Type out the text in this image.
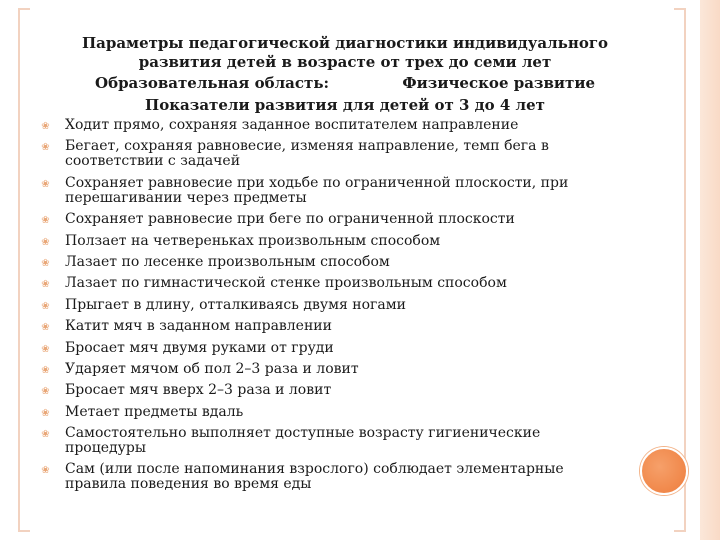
Параметры педагогической диагностики индивидуального
развития детей в возрасте от трех до семи лет
Образовательная область:	Физическое развитие
Показатели развития для детей от 3 до 4 лет
❀ Ходит прямо, сохраняя заданное воспитателем направление
❀ Бегает, сохраняя равновесие, изменяя направление, темп бега в
соответствии с задачей
❀ Сохраняет равновесие при ходьбе по ограниченной плоскости, при
перешагивании через предметы
❀ Сохраняет равновесие при беге по ограниченной плоскости
❀ Ползает на четвереньках произвольным способом
❀ Лазает по лесенке произвольным способом
❀ Лазает по гимнастической стенке произвольным способом
❀ Прыгает в длину, отталкиваясь двумя ногами
❀ Катит мяч в заданном направлении
❀ Бросает мяч двумя руками от груди
❀ Ударяет мячом об пол 2–3 раза и ловит
❀ Бросает мяч вверх 2–3 раза и ловит
❀ Метает предметы вдаль
❀ Самостоятельно выполняет доступные возрасту гигиенические
процедуры
❀ Сам (или после напоминания взрослого) соблюдает элементарные
правила поведения во время еды
